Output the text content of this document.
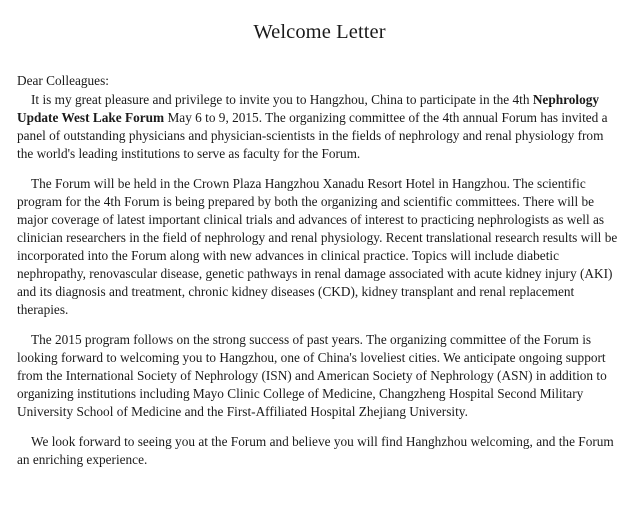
Welcome Letter

Dear Colleagues:

It is my great pleasure and privilege to invite you to Hangzhou, China to participate in the 4th Nephrology Update West Lake Forum May 6 to 9, 2015. The organizing committee of the 4th annual Forum has invited a panel of outstanding physicians and physician-scientists in the fields of nephrology and renal physiology from the world's leading institutions to serve as faculty for the Forum.

The Forum will be held in the Crown Plaza Hangzhou Xanadu Resort Hotel in Hangzhou. The scientific program for the 4th Forum is being prepared by both the organizing and scientific committees. There will be major coverage of latest important clinical trials and advances of interest to practicing nephrologists as well as clinician researchers in the field of nephrology and renal physiology. Recent translational research results will be incorporated into the Forum along with new advances in clinical practice. Topics will include diabetic nephropathy, renovascular disease, genetic pathways in renal damage associated with acute kidney injury (AKI) and its diagnosis and treatment, chronic kidney diseases (CKD), kidney transplant and renal replacement therapies.

The 2015 program follows on the strong success of past years. The organizing committee of the Forum is looking forward to welcoming you to Hangzhou, one of China's loveliest cities. We anticipate ongoing support from the International Society of Nephrology (ISN) and American Society of Nephrology (ASN) in addition to organizing institutions including Mayo Clinic College of Medicine, Changzheng Hospital Second Military University School of Medicine and the First-Affiliated Hospital Zhejiang University.

We look forward to seeing you at the Forum and believe you will find Hanghzhou welcoming, and the Forum an enriching experience.
